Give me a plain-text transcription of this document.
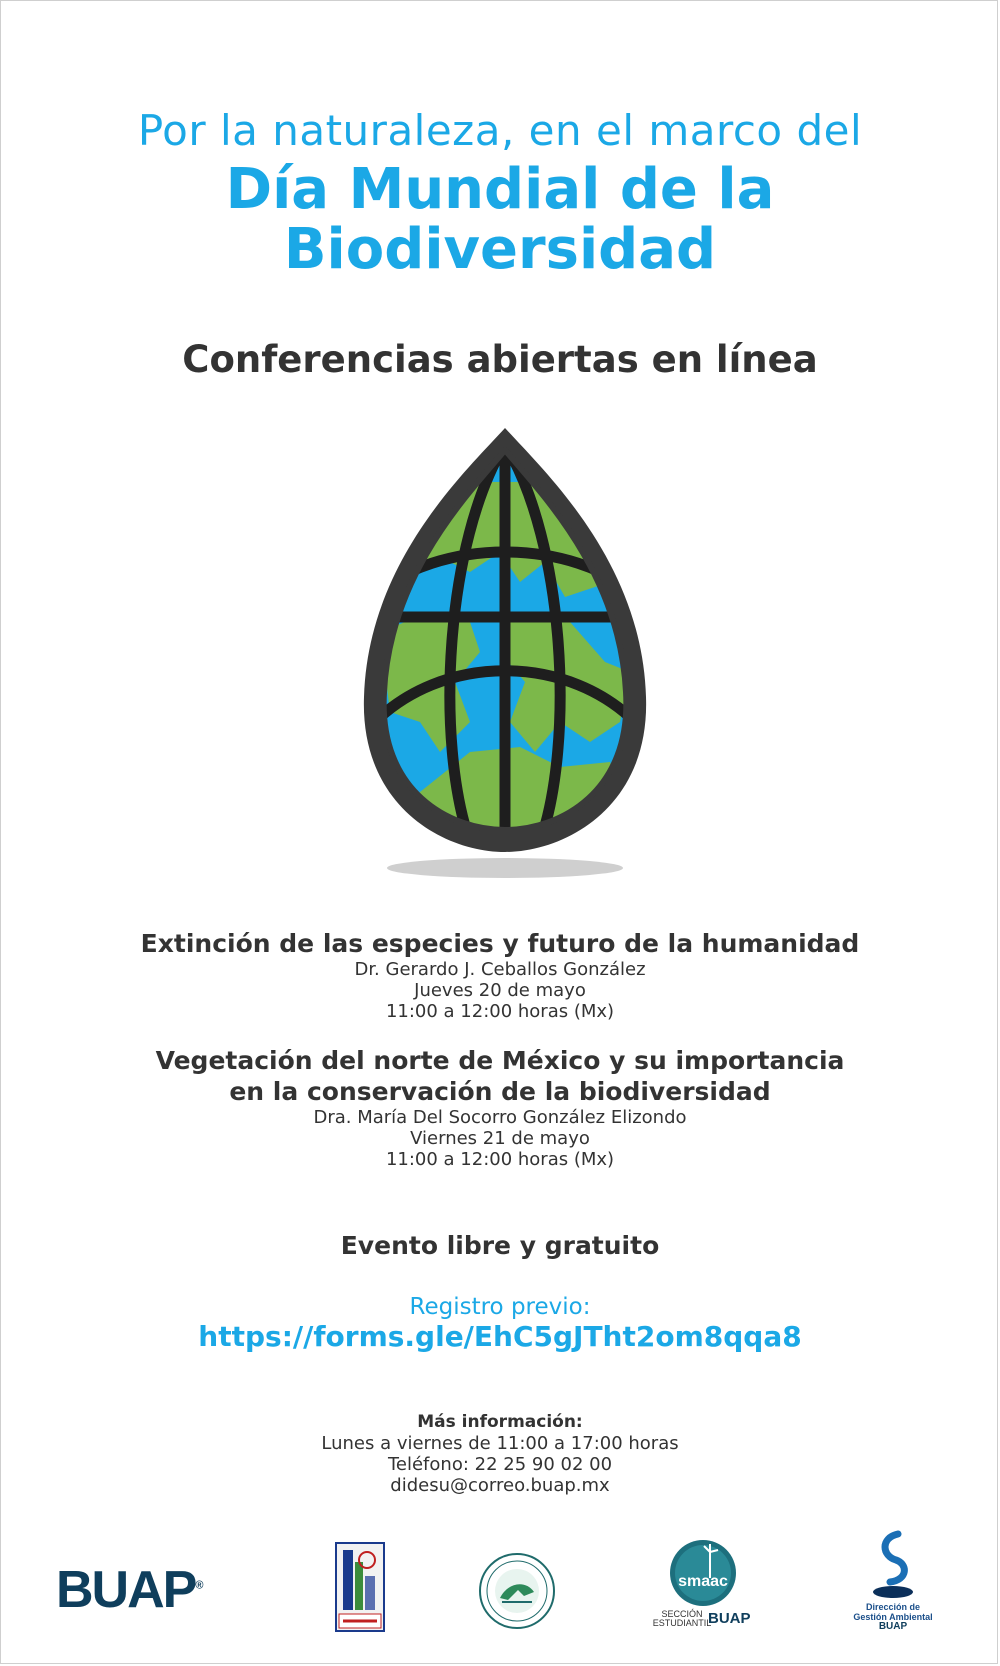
Por la naturaleza, en el marco del
Día Mundial de la
Biodiversidad
Conferencias abiertas en línea
Extinción de las especies y futuro de la humanidad
Dr. Gerardo J. Ceballos González
Jueves 20 de mayo
11:00 a 12:00 horas (Mx)
Vegetación del norte de México y su importancia
en la conservación de la biodiversidad
Dra. María Del Socorro González Elizondo
Viernes 21 de mayo
11:00 a 12:00 horas (Mx)
Evento libre y gratuito
Registro previo:
https://forms.gle/EhC5gJTht2om8qqa8
Más información:
Lunes a viernes de 11:00 a 17:00 horas
Teléfono: 22 25 90 02 00
didesu@correo.buap.mx
BUAP®	smaac
SECCIÓN
ESTUDIANTIL
BUAP
Dirección de
Gestión Ambiental
BUAP
